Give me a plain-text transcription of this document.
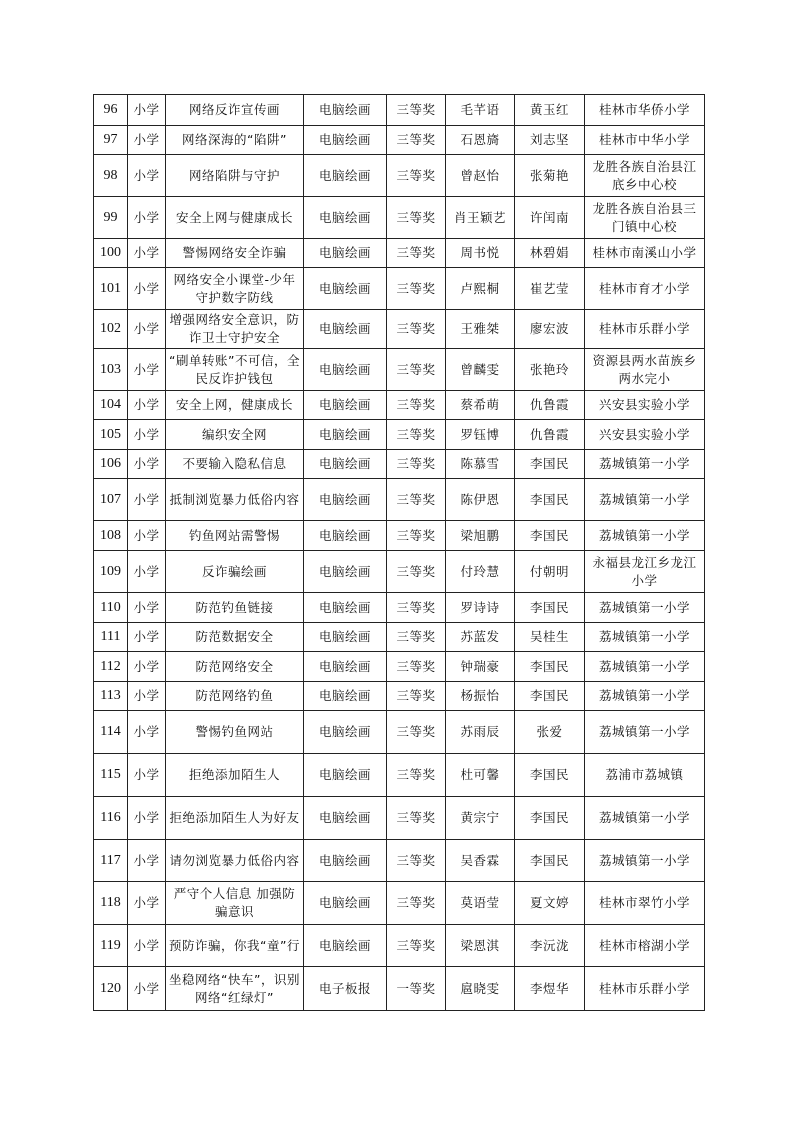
96	小学	网络反诈宣传画	电脑绘画	三等奖	毛芊语	黄玉红	桂林市华侨小学
97	小学	网络深海的“陷阱”	电脑绘画	三等奖	石恩旖	刘志坚	桂林市中华小学
98	小学	网络陷阱与守护	电脑绘画	三等奖	曾赵怡	张菊艳	龙胜各族自治县江底乡中心校
99	小学	安全上网与健康成长	电脑绘画	三等奖	肖王颖艺	许闰南	龙胜各族自治县三门镇中心校
100	小学	警惕网络安全诈骗	电脑绘画	三等奖	周书悦	林碧娟	桂林市南溪山小学
101	小学	网络安全小课堂-少年守护数字防线	电脑绘画	三等奖	卢熙桐	崔艺莹	桂林市育才小学
102	小学	增强网络安全意识，防诈卫士守护安全	电脑绘画	三等奖	王雅桀	廖宏波	桂林市乐群小学
103	小学	“刷单转账”不可信，全民反诈护钱包	电脑绘画	三等奖	曾麟雯	张艳玲	资源县两水苗族乡两水完小
104	小学	安全上网，健康成长	电脑绘画	三等奖	蔡希萌	仇鲁霞	兴安县实验小学
105	小学	编织安全网	电脑绘画	三等奖	罗钰博	仇鲁霞	兴安县实验小学
106	小学	不要输入隐私信息	电脑绘画	三等奖	陈慕雪	李国民	荔城镇第一小学
107	小学	抵制浏览暴力低俗内容	电脑绘画	三等奖	陈伊恩	李国民	荔城镇第一小学
108	小学	钓鱼网站需警惕	电脑绘画	三等奖	梁旭鹏	李国民	荔城镇第一小学
109	小学	反诈骗绘画	电脑绘画	三等奖	付玲慧	付朝明	永福县龙江乡龙江小学
110	小学	防范钓鱼链接	电脑绘画	三等奖	罗诗诗	李国民	荔城镇第一小学
111	小学	防范数据安全	电脑绘画	三等奖	苏蓝发	吴桂生	荔城镇第一小学
112	小学	防范网络安全	电脑绘画	三等奖	钟瑞豪	李国民	荔城镇第一小学
113	小学	防范网络钓鱼	电脑绘画	三等奖	杨振怡	李国民	荔城镇第一小学
114	小学	警惕钓鱼网站	电脑绘画	三等奖	苏雨辰	张爱	荔城镇第一小学
115	小学	拒绝添加陌生人	电脑绘画	三等奖	杜可馨	李国民	荔浦市荔城镇
116	小学	拒绝添加陌生人为好友	电脑绘画	三等奖	黄宗宁	李国民	荔城镇第一小学
117	小学	请勿浏览暴力低俗内容	电脑绘画	三等奖	吴香霖	李国民	荔城镇第一小学
118	小学	严守个人信息 加强防骗意识	电脑绘画	三等奖	莫语莹	夏文婷	桂林市翠竹小学
119	小学	预防诈骗，你我“童”行	电脑绘画	三等奖	梁恩淇	李沅泷	桂林市榕湖小学
120	小学	坐稳网络“快车”，识别网络“红绿灯”	电子板报	一等奖	扈晓雯	李煜华	桂林市乐群小学
